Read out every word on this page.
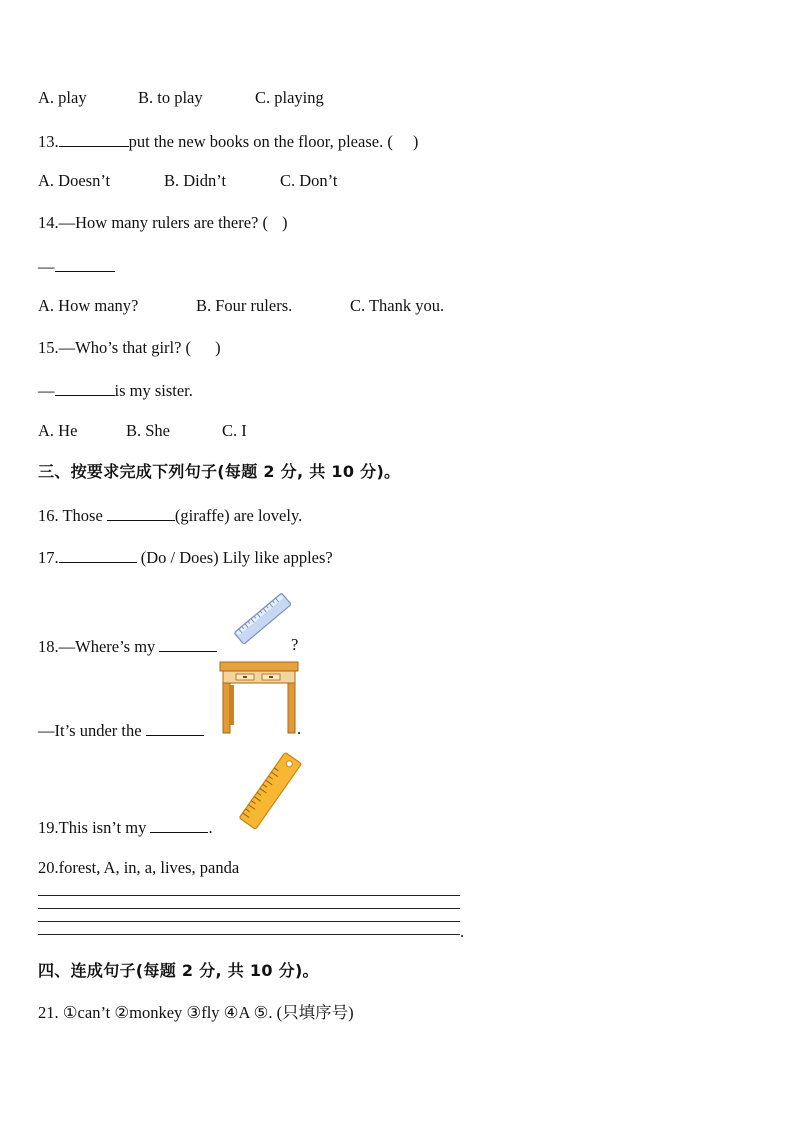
A. play	B. to play	C. playing
13.	put the new books on the floor, please. ( )
A. Doesn’t	B. Didn’t	C. Don’t
14.—How many rulers are there? ( )
—
A. How many?	B. Four rulers.	C. Thank you.
15.—Who’s that girl? ( )
—	is my sister.
A. He	B. She	C. I
三、按要求完成下列句子(每题 2 分, 共 10 分)。
16. Those	(giraffe) are lovely.
17.	(Do / Does) Lily like apples?
18.—Where’s my	?
—It’s under the	.
19.This isn’t my	.
20.forest, A, in, a, lives, panda
.
四、连成句子(每题 2 分, 共 10 分)。
21. ①can’t ②monkey ③fly ④A ⑤. (只填序号)
